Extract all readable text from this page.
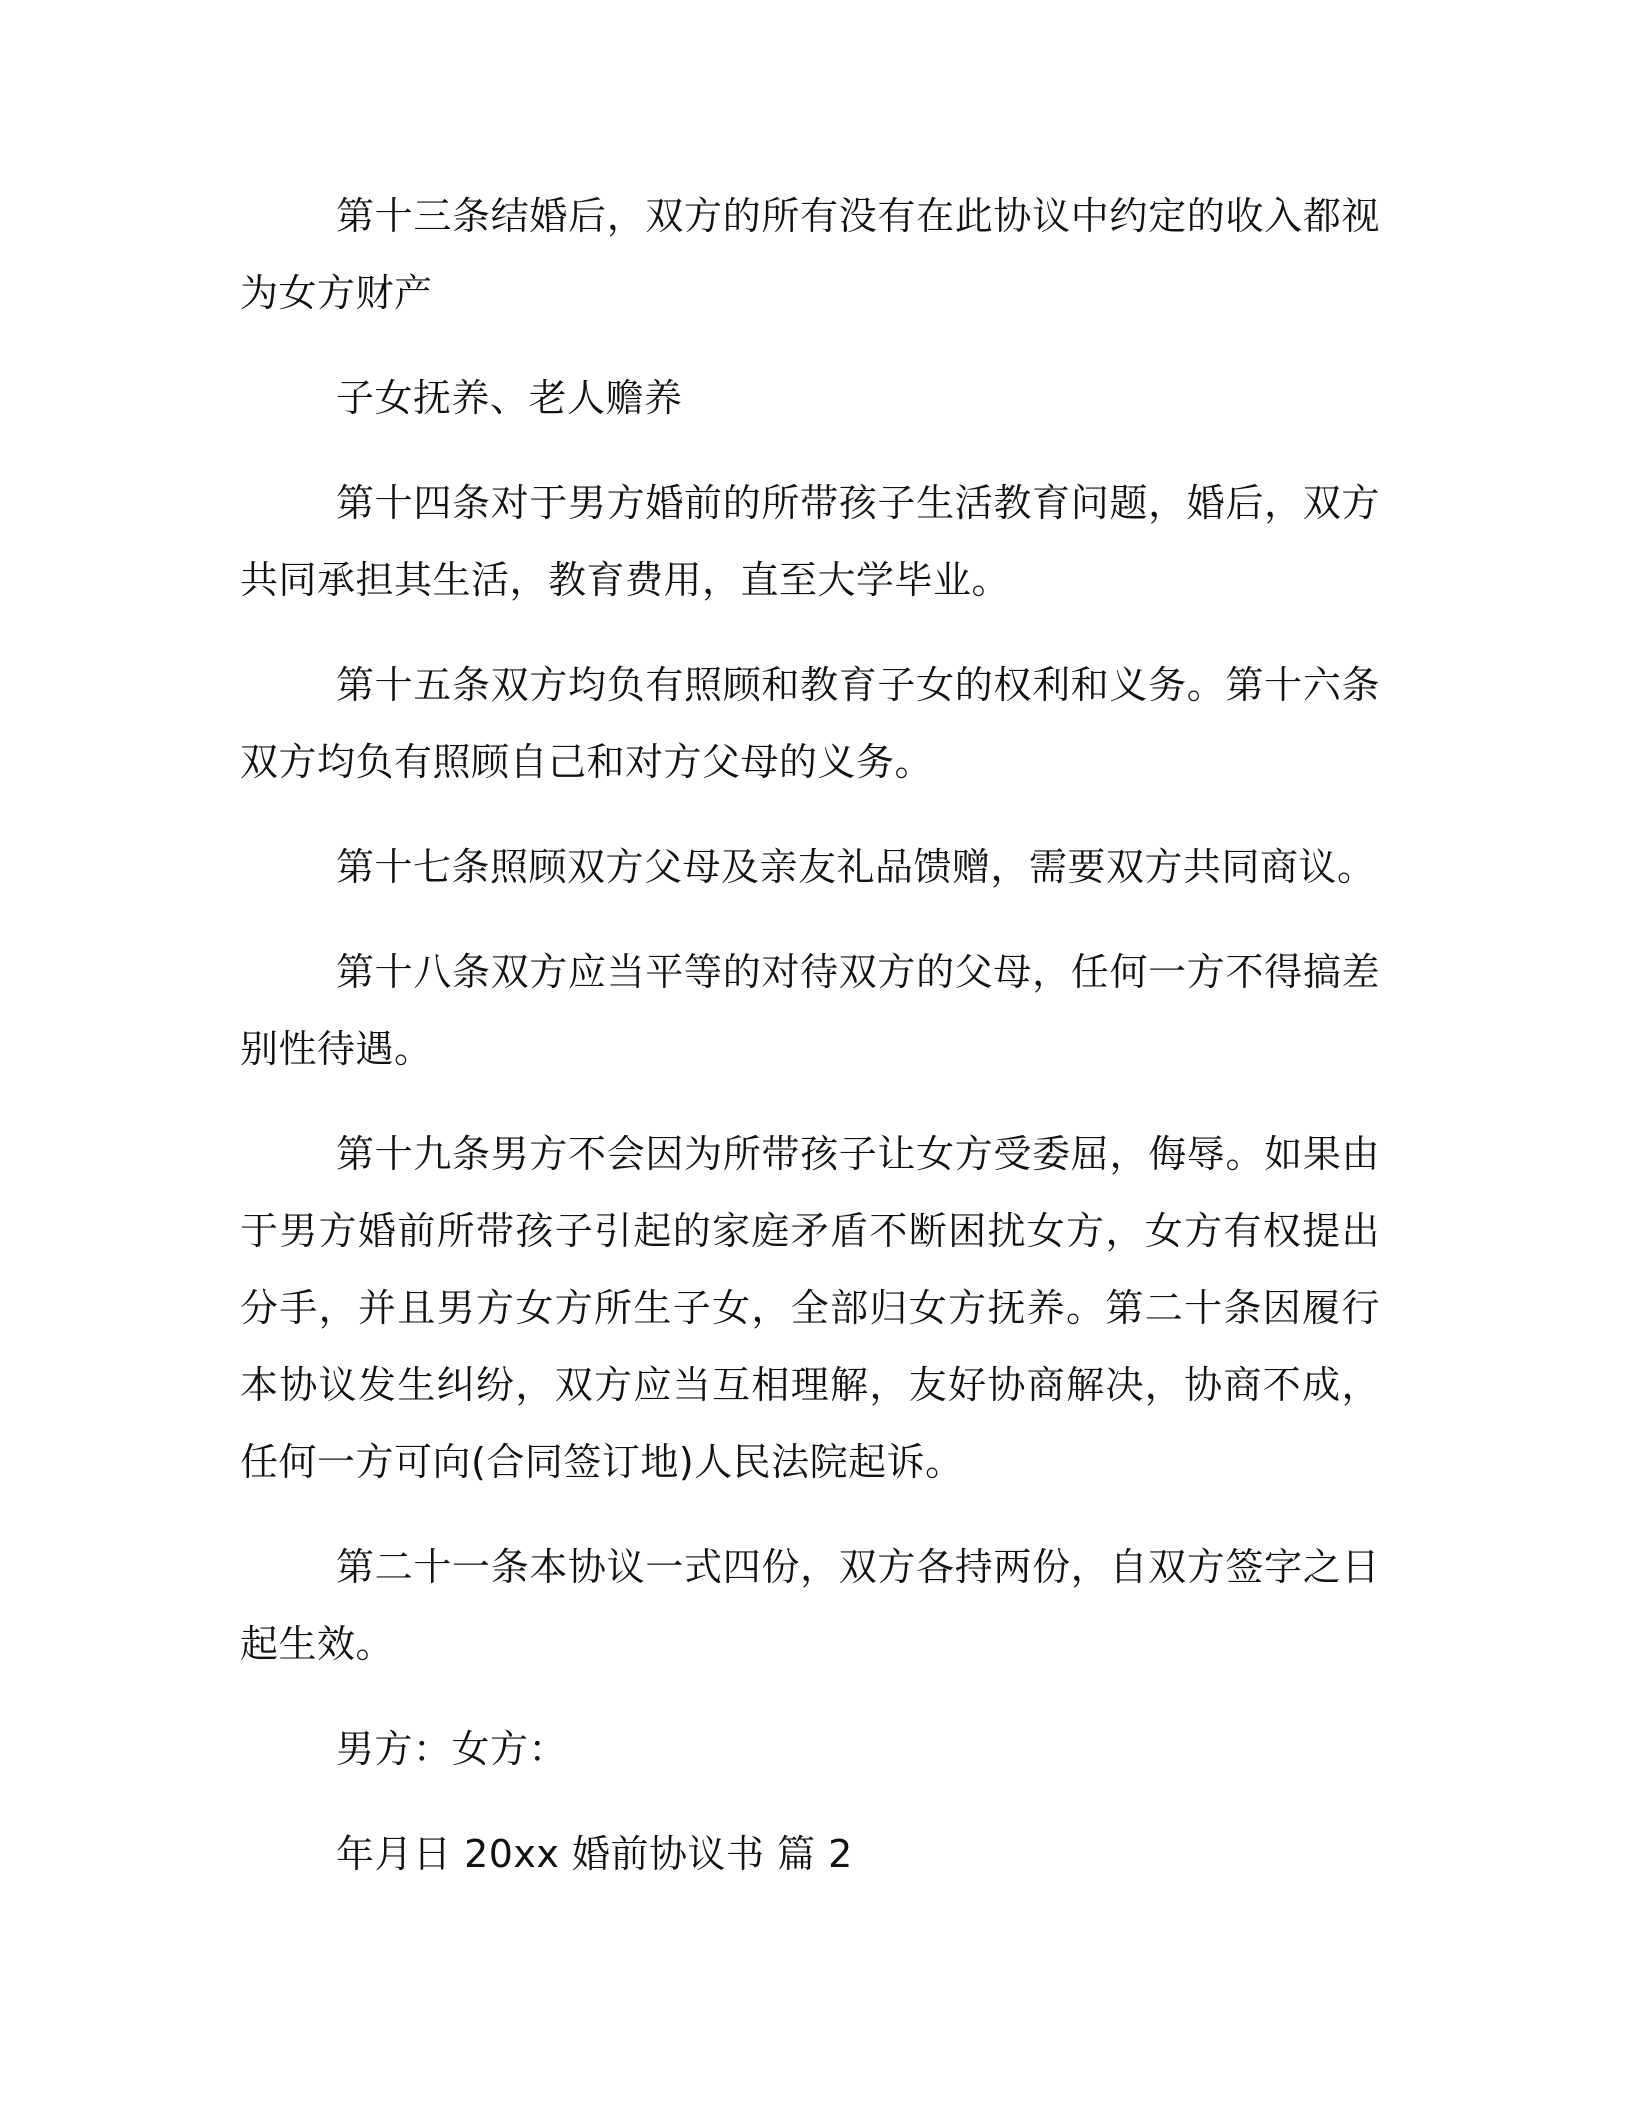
第十三条结婚后，双方的所有没有在此协议中约定的收入都视为女方财产

子女抚养、老人赡养

第十四条对于男方婚前的所带孩子生活教育问题，婚后，双方共同承担其生活，教育费用，直至大学毕业。

第十五条双方均负有照顾和教育子女的权利和义务。第十六条双方均负有照顾自己和对方父母的义务。

第十七条照顾双方父母及亲友礼品馈赠，需要双方共同商议。

第十八条双方应当平等的对待双方的父母，任何一方不得搞差别性待遇。

第十九条男方不会因为所带孩子让女方受委屈，侮辱。如果由于男方婚前所带孩子引起的家庭矛盾不断困扰女方，女方有权提出分手，并且男方女方所生子女，全部归女方抚养。第二十条因履行本协议发生纠纷，双方应当互相理解，友好协商解决，协商不成，任何一方可向(合同签订地)人民法院起诉。

第二十一条本协议一式四份，双方各持两份，自双方签字之日起生效。

男方：女方：

年月日 20xx 婚前协议书 篇 2
